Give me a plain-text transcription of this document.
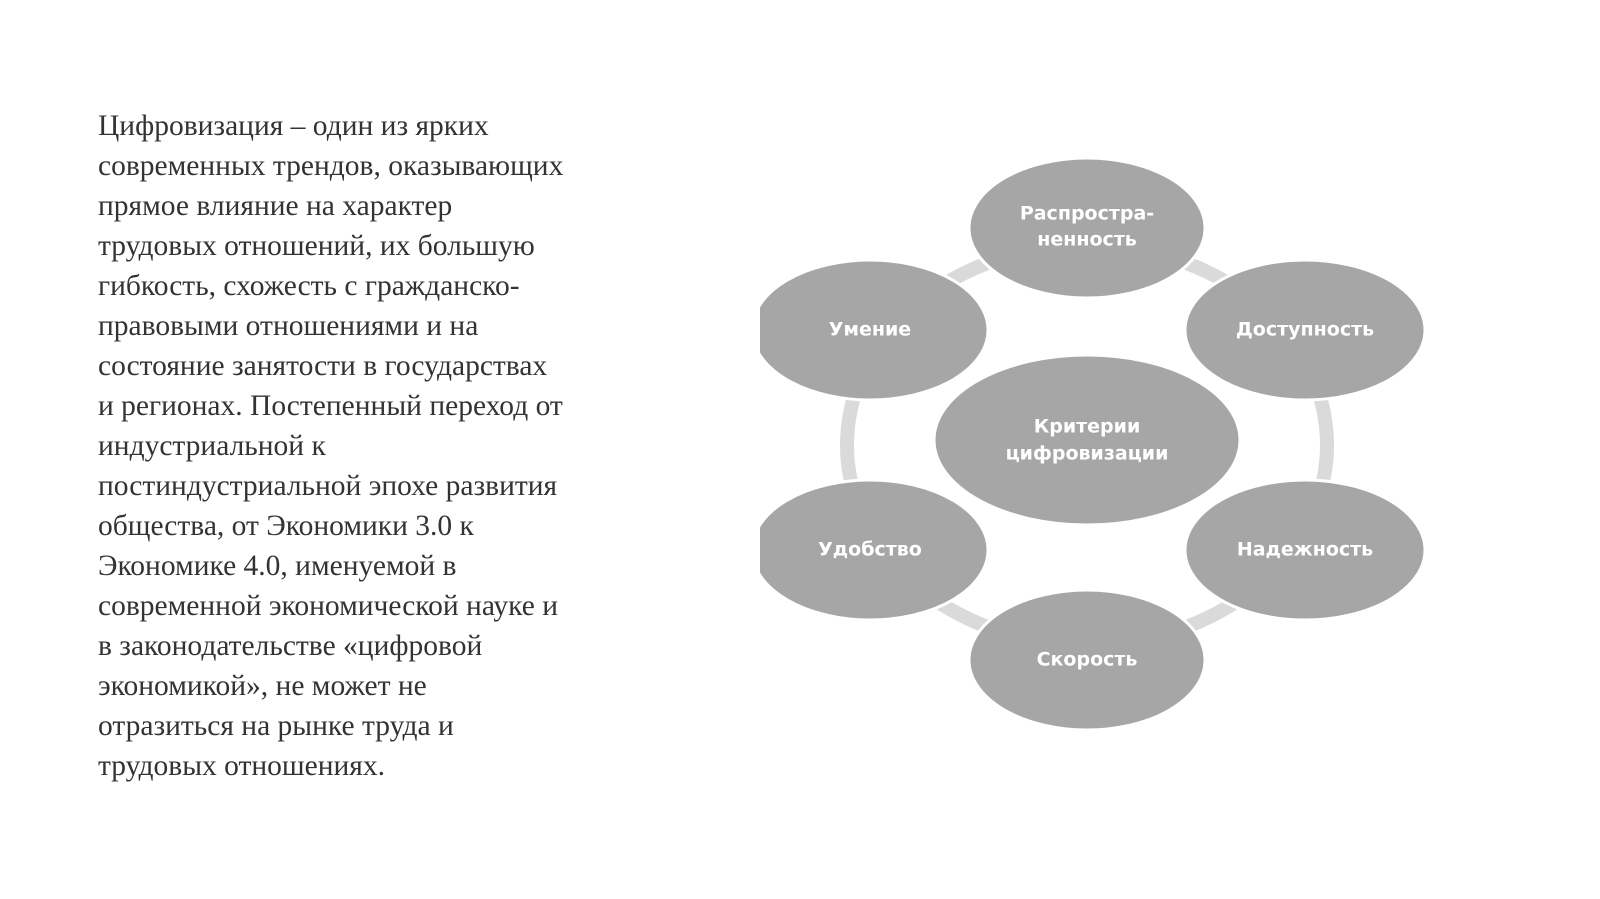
Цифровизация – один из ярких
современных трендов, оказывающих
прямое влияние на характер
трудовых отношений, их большую
гибкость, схожесть с гражданско-
правовыми отношениями и на
состояние занятости в государствах
и регионах. Постепенный переход от
индустриальной к
постиндустриальной эпохе развития
общества, от Экономики 3.0 к
Экономике 4.0, именуемой в
современной экономической науке и
в законодательстве «цифровой
экономикой», не может не
отразиться на рынке труда и
трудовых отношениях.

Распростра-
ненность
Доступность
Надежность
Скорость
Удобство
Умение
Критерии
цифровизации
